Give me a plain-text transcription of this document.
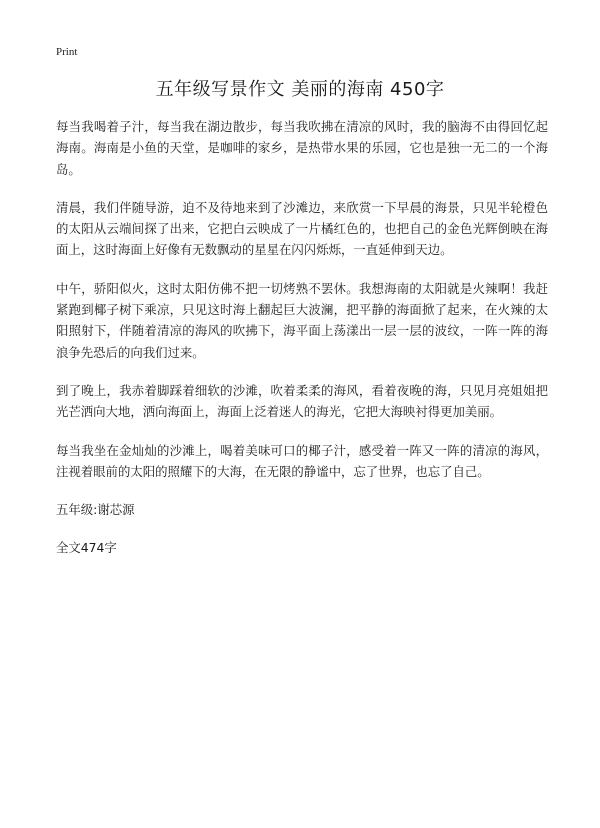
Print
五年级写景作文 美丽的海南 450字

每当我喝着子汁，每当我在湖边散步，每当我吹拂在清凉的风时，我的脑海不由得回忆起海南。海南是小鱼的天堂，是咖啡的家乡，是热带水果的乐园，它也是独一无二的一个海岛。

清晨，我们伴随导游，迫不及待地来到了沙滩边，来欣赏一下早晨的海景，只见半轮橙色的太阳从云端间探了出来，它把白云映成了一片橘红色的，也把自己的金色光辉倒映在海面上，这时海面上好像有无数飘动的星星在闪闪烁烁，一直延伸到天边。

中午，骄阳似火，这时太阳仿佛不把一切烤熟不罢休。我想海南的太阳就是火辣啊！我赶紧跑到椰子树下乘凉，只见这时海上翻起巨大波澜，把平静的海面掀了起来，在火辣的太阳照射下，伴随着清凉的海风的吹拂下，海平面上荡漾出一层一层的波纹，一阵一阵的海浪争先恐后的向我们过来。

到了晚上，我赤着脚踩着细软的沙滩，吹着柔柔的海风，看着夜晚的海，只见月亮姐姐把光芒洒向大地，洒向海面上，海面上泛着迷人的海光，它把大海映衬得更加美丽。

每当我坐在金灿灿的沙滩上，喝着美味可口的椰子汁，感受着一阵又一阵的清凉的海风，注视着眼前的太阳的照耀下的大海，在无限的静谧中，忘了世界，也忘了自己。

五年级:谢芯源

全文474字
